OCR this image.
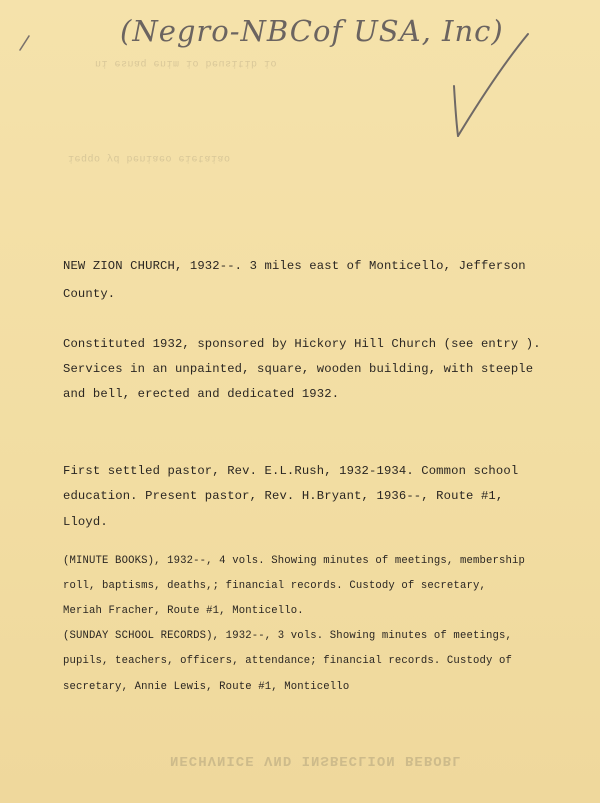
ni esnaq enim io beusitib io
ieqqo yd beniaeo eietaiao
NECHVNICE VND INSBECLION BEBOBL
(Negro-NBCof USA, Inc)
NEW ZION CHURCH, 1932--. 3 miles east of Monticello, Jefferson
County.
Constituted 1932, sponsored by Hickory Hill Church (see entry ).
Services in an unpainted, square, wooden building, with steeple
and bell, erected and dedicated 1932.
First settled pastor, Rev. E.L.Rush, 1932-1934. Common school
education. Present pastor, Rev. H.Bryant, 1936--, Route #1,
Lloyd.
(MINUTE BOOKS), 1932--, 4 vols. Showing minutes of meetings, membership
roll, baptisms, deaths,; financial records. Custody of secretary,
Meriah Fracher, Route #1, Monticello.
(SUNDAY SCHOOL RECORDS), 1932--, 3 vols. Showing minutes of meetings,
pupils, teachers, officers, attendance; financial records. Custody of
secretary, Annie Lewis, Route #1, Monticello
